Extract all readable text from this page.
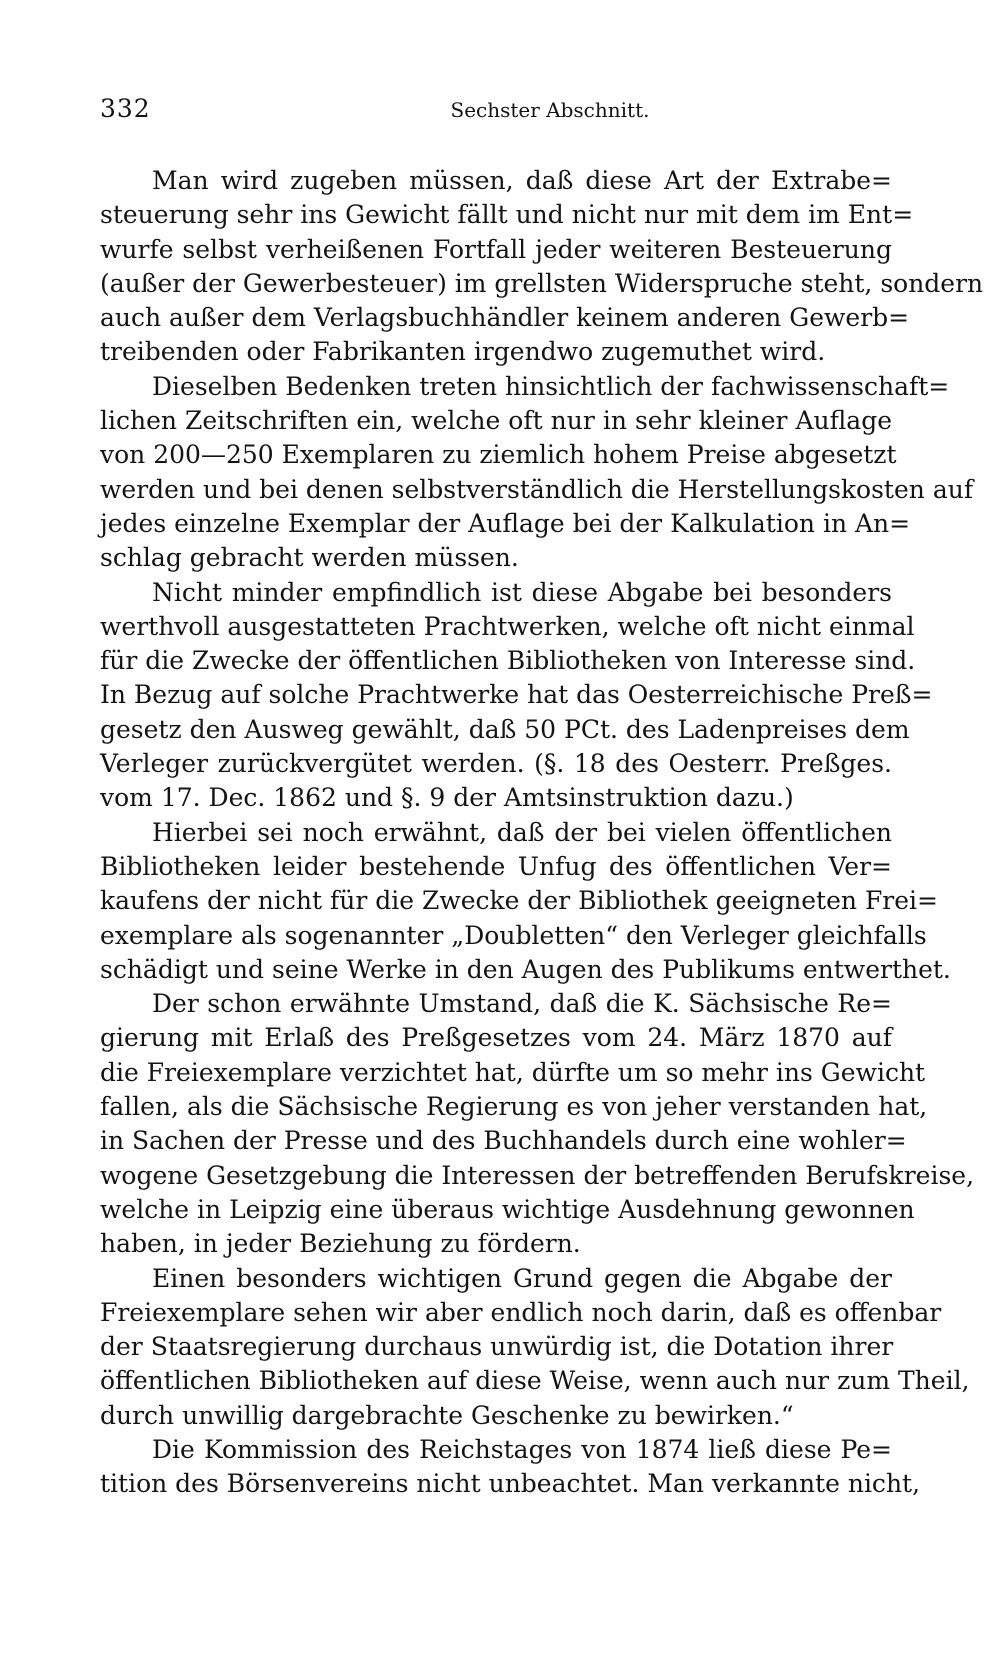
332	Sechster Abschnitt.
Man wird zugeben müssen, daß diese Art der Extrabe=
steuerung sehr ins Gewicht fällt und nicht nur mit dem im Ent=
wurfe selbst verheißenen Fortfall jeder weiteren Besteuerung
(außer der Gewerbesteuer) im grellsten Widerspruche steht, sondern
auch außer dem Verlagsbuchhändler keinem anderen Gewerb=
treibenden oder Fabrikanten irgendwo zugemuthet wird.
Dieselben Bedenken treten hinsichtlich der fachwissenschaft=
lichen Zeitschriften ein, welche oft nur in sehr kleiner Auflage
von 200—250 Exemplaren zu ziemlich hohem Preise abgesetzt
werden und bei denen selbstverständlich die Herstellungskosten auf
jedes einzelne Exemplar der Auflage bei der Kalkulation in An=
schlag gebracht werden müssen.
Nicht minder empfindlich ist diese Abgabe bei besonders
werthvoll ausgestatteten Prachtwerken, welche oft nicht einmal
für die Zwecke der öffentlichen Bibliotheken von Interesse sind.
In Bezug auf solche Prachtwerke hat das Oesterreichische Preß=
gesetz den Ausweg gewählt, daß 50 PCt. des Ladenpreises dem
Verleger zurückvergütet werden. (§. 18 des Oesterr. Preßges.
vom 17. Dec. 1862 und §. 9 der Amtsinstruktion dazu.)
Hierbei sei noch erwähnt, daß der bei vielen öffentlichen
Bibliotheken leider bestehende Unfug des öffentlichen Ver=
kaufens der nicht für die Zwecke der Bibliothek geeigneten Frei=
exemplare als sogenannter „Doubletten“ den Verleger gleichfalls
schädigt und seine Werke in den Augen des Publikums entwerthet.
Der schon erwähnte Umstand, daß die K. Sächsische Re=
gierung mit Erlaß des Preßgesetzes vom 24. März 1870 auf
die Freiexemplare verzichtet hat, dürfte um so mehr ins Gewicht
fallen, als die Sächsische Regierung es von jeher verstanden hat,
in Sachen der Presse und des Buchhandels durch eine wohler=
wogene Gesetzgebung die Interessen der betreffenden Berufskreise,
welche in Leipzig eine überaus wichtige Ausdehnung gewonnen
haben, in jeder Beziehung zu fördern.
Einen besonders wichtigen Grund gegen die Abgabe der
Freiexemplare sehen wir aber endlich noch darin, daß es offenbar
der Staatsregierung durchaus unwürdig ist, die Dotation ihrer
öffentlichen Bibliotheken auf diese Weise, wenn auch nur zum Theil,
durch unwillig dargebrachte Geschenke zu bewirken.“
Die Kommission des Reichstages von 1874 ließ diese Pe=
tition des Börsenvereins nicht unbeachtet. Man verkannte nicht,
